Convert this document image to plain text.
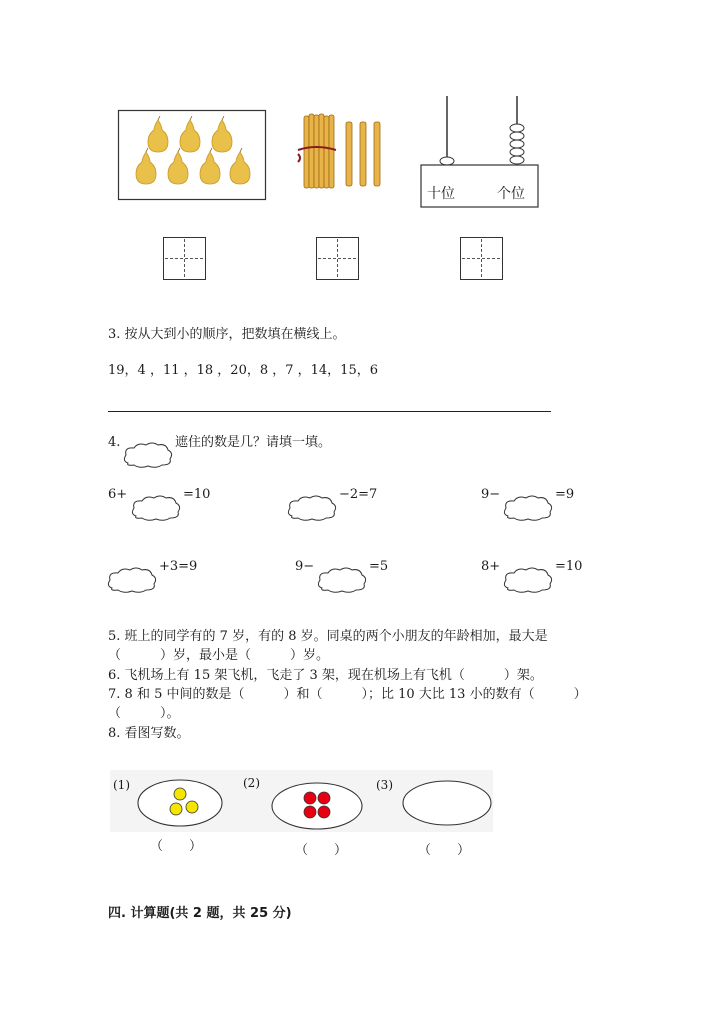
十位	个位
3. 按从大到小的顺序，把数填在横线上。
19，4 ，11 ，18 ，20，8 ，7 ，14，15，6
4.	遮住的数是几？请填一填。
6+	=10	−2=7	9−	=9
+3=9	9−	=5	8+	=10
5. 班上的同学有的 7 岁，有的 8 岁。同桌的两个小朋友的年龄相加，最大是
（　　　）岁，最小是（　　　）岁。
6. 飞机场上有 15 架飞机，飞走了 3 架，现在机场上有飞机（　　　）架。
7. 8 和 5 中间的数是（　　　）和（　　　）；比 10 大比 13 小的数有（　　　）
（　　　）。
8. 看图写数。
(1)	(2)	(3)
（　　）	（　　）	（　　）
四. 计算题(共 2 题，共 25 分)
